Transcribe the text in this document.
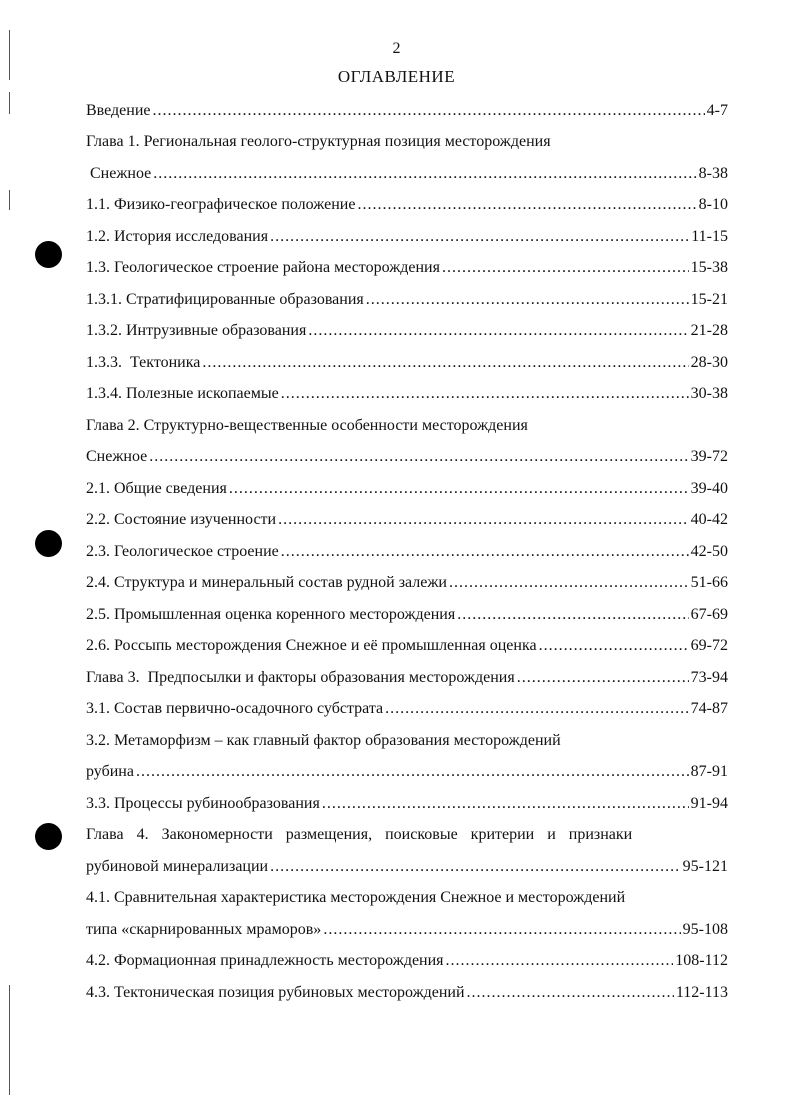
2
ОГЛАВЛЕНИЕ
Введение .....	4-7
Глава 1. Региональная геолого-структурная позиция месторождения
Снежное .....	8-38
1.1. Физико-географическое положение .....	8-10
1.2. История исследования .....	11-15
1.3. Геологическое строение района месторождения .....	15-38
1.3.1. Стратифицированные образования .....	15-21
1.3.2. Интрузивные образования .....	21-28
1.3.3.  Тектоника .....	28-30
1.3.4. Полезные ископаемые .....	30-38
Глава 2. Структурно-вещественные особенности месторождения
Снежное .....	39-72
2.1. Общие сведения .....	39-40
2.2. Состояние изученности .....	40-42
2.3. Геологическое строение .....	42-50
2.4. Структура и минеральный состав рудной залежи .....	51-66
2.5. Промышленная оценка коренного месторождения .....	67-69
2.6. Россыпь месторождения Снежное и её промышленная оценка .....	69-72
Глава 3.  Предпосылки и факторы образования месторождения .....	73-94
3.1. Состав первично-осадочного субстрата .....	74-87
3.2. Метаморфизм – как главный фактор образования месторождений
рубина .....	87-91
3.3. Процессы рубинообразования .....	91-94
Глава 4. Закономерности размещения, поисковые критерии и признаки
рубиновой минерализации .....	95-121
4.1. Сравнительная характеристика месторождения Снежное и месторождений
типа «скарнированных мраморов» .....	95-108
4.2. Формационная принадлежность месторождения .....	108-112
4.3. Тектоническая позиция рубиновых месторождений .....	112-113
